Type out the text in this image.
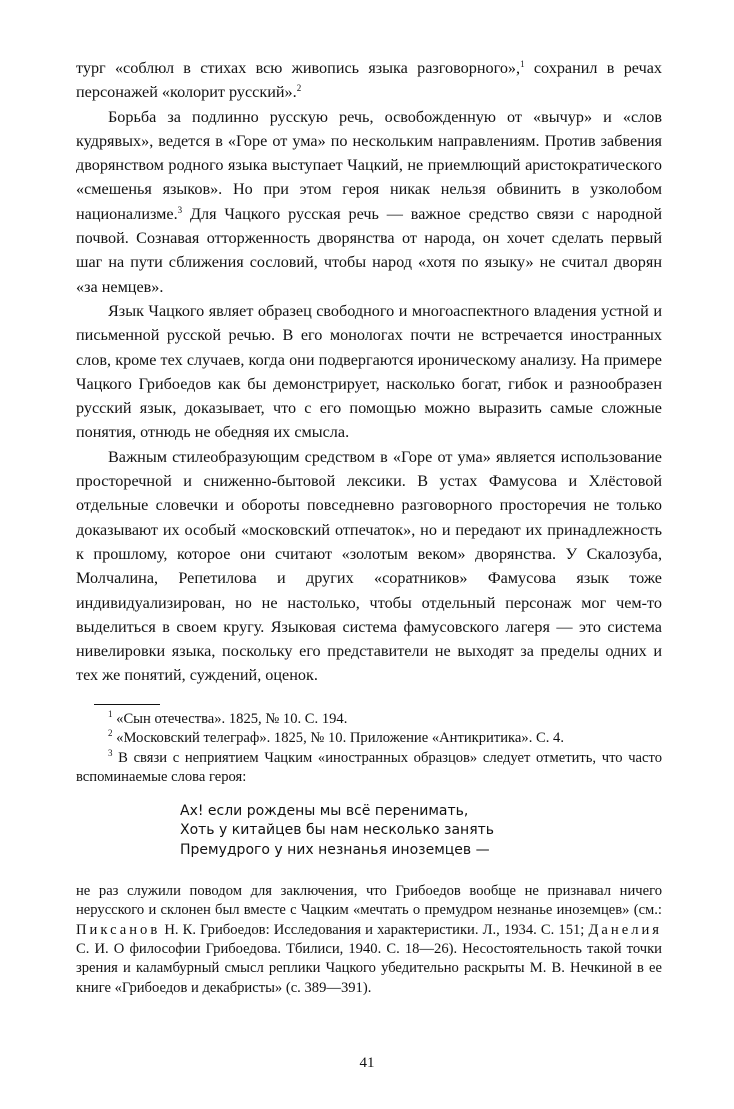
тург «соблюл в стихах всю живопись языка разговорного»,$^1$ сохранил в речах персонажей «колорит русский».$^2$

Борьба за подлинно русскую речь, освобожденную от «вычур» и «слов кудрявых», ведется в «Горе от ума» по нескольким направлениям. Против забвения дворянством родного языка выступает Чацкий, не приемлющий аристократического «смешенья языков». Но при этом героя никак нельзя обвинить в узколобом национализме.$^3$ Для Чацкого русская речь — важное средство связи с народной почвой. Сознавая отторженность дворянства от народа, он хочет сделать первый шаг на пути сближения сословий, чтобы народ «хотя по языку» не считал дворян «за немцев».

Язык Чацкого являет образец свободного и многоаспектного владения устной и письменной русской речью. В его монологах почти не встречается иностранных слов, кроме тех случаев, когда они подвергаются ироническому анализу. На примере Чацкого Грибоедов как бы демонстрирует, насколько богат, гибок и разнообразен русский язык, доказывает, что с его помощью можно выразить самые сложные понятия, отнюдь не обедняя их смысла.

Важным стилеобразующим средством в «Горе от ума» является использование просторечной и сниженно-бытовой лексики. В устах Фамусова и Хлёстовой отдельные словечки и обороты повседневно разговорного просторечия не только доказывают их особый «московский отпечаток», но и передают их принадлежность к прошлому, которое они считают «золотым веком» дворянства. У Скалозуба, Молчалина, Репетилова и других «соратников» Фамусова язык тоже индивидуализирован, но не настолько, чтобы отдельный персонаж мог чем-то выделиться в своем кругу. Языковая система фамусовского лагеря — это система нивелировки языка, поскольку его представители не выходят за пределы одних и тех же понятий, суждений, оценок.

$^1$ «Сын отечества». 1825, № 10. С. 194.

$^2$ «Московский телеграф». 1825, № 10. Приложение «Антикритика». С. 4.

$^3$ В связи с неприятием Чацким «иностранных образцов» следует отметить, что часто вспоминаемые слова героя:

Ах! если рождены мы всё перенимать,
Хоть у китайцев бы нам несколько занять
Премудрого у них незнанья иноземцев —

не раз служили поводом для заключения, что Грибоедов вообще не признавал ничего нерусского и склонен был вместе с Чацким «мечтать о премудром незнанье иноземцев» (см.: Пиксанов Н. К. Грибоедов: Исследования и характеристики. Л., 1934. С. 151; Данелия С. И. О философии Грибоедова. Тбилиси, 1940. С. 18—26). Несостоятельность такой точки зрения и каламбурный смысл реплики Чацкого убедительно раскрыты М. В. Нечкиной в ее книге «Грибоедов и декабристы» (с. 389—391).

41
